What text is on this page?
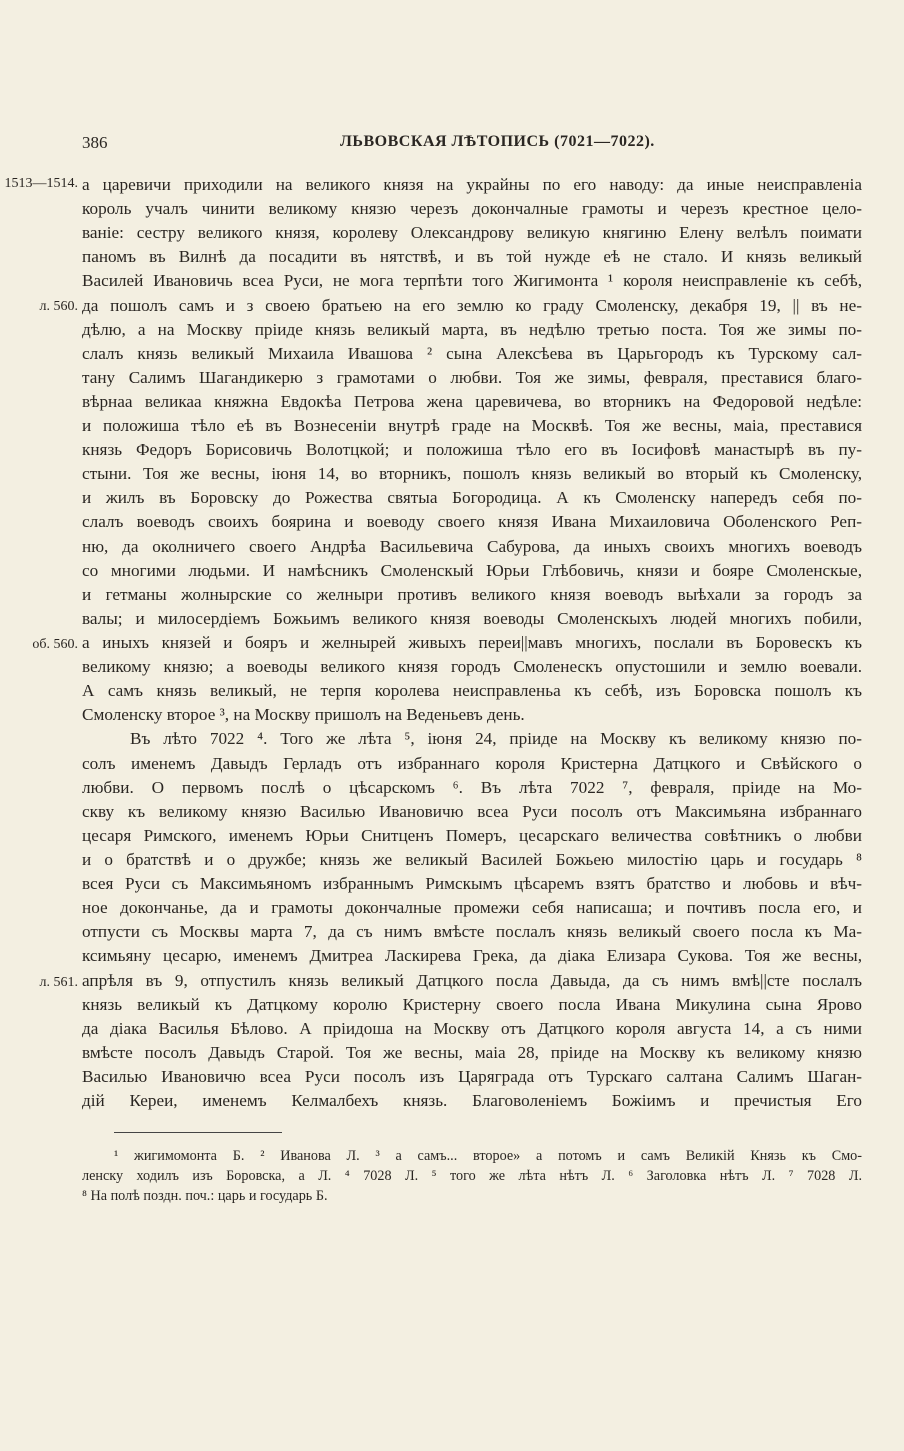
386	ЛЬВОВСКАЯ ЛѢТОПИСЬ (7021—7022).
1513—1514.
л. 560.
об. 560.
л. 561.
а царевичи приходили на великого князя на украйны по его наводу: да иные неисправленiа
король учалъ чинити великому князю черезъ докончалные грамоты и черезъ крестное цело-
ванiе: сестру великого князя, королеву Олександрову великую княгиню Елену велѣлъ поимати
паномъ въ Вилнѣ да посадити въ нятствѣ, и въ той нужде еѣ не стало. И князь великый
Василей Ивановичь всеа Руси, не мога терпѣти того Жигимонта ¹ короля неисправленiе къ себѣ,
да пошолъ самъ и з своею братьею на его землю ко граду Смоленску, декабря 19, || въ не-
дѣлю, а на Москву прiиде князь великый марта, въ недѣлю третью поста. Тоя же зимы по-
слалъ князь великый Михаила Ивашова ² сына Алексѣева въ Царьгородъ къ Турскому сал-
тану Салимъ Шагандикерю з грамотами о любви. Тоя же зимы, февраля, преставися благо-
вѣрнаа великаа княжна Евдокѣа Петрова жена царевичева, во вторникъ на Федоровой недѣле:
и положиша тѣло еѣ въ Вознесенiи внутрѣ граде на Москвѣ. Тоя же весны, маiа, преставися
князь Федоръ Борисовичь Волотцкой; и положиша тѣло его въ Iосифовѣ манастырѣ въ пу-
стыни. Тоя же весны, iюня 14, во вторникъ, пошолъ князь великый во вторый къ Смоленску,
и жилъ въ Боровску до Рожества святыа Богородица. А къ Смоленску напередъ себя по-
слалъ воеводъ своихъ боярина и воеводу своего князя Ивана Михаиловича Оболенского Реп-
ню, да околничего своего Андрѣа Васильевича Сабурова, да иныхъ своихъ многихъ воеводъ
со многими людьми. И намѣсникъ Смоленскый Юрьи Глѣбовичь, князи и бояре Смоленскые,
и гетманы жолнырские со желныри противъ великого князя воеводъ выѣхали за городъ за
валы; и милосердiемъ Божьимъ великого князя воеводы Смоленскыхъ людей многихъ побили,
а иныхъ князей и бояръ и желнырей живыхъ переи||мавъ многихъ, послали въ Боровескъ къ
великому князю; а воеводы великого князя городъ Смоленескъ опустошили и землю воевали.
А самъ князь великый, не терпя королева неисправленьа къ себѣ, изъ Боровска пошолъ къ
Смоленску второе ³, на Москву пришолъ на Веденьевъ день.
Въ лѣто 7022 ⁴. Того же лѣта ⁵, iюня 24, прiиде на Москву къ великому князю по-
солъ именемъ Давыдъ Герладъ отъ избраннаго короля Кристерна Датцкого и Свѣйского о
любви. О первомъ послѣ о цѣсарскомъ ⁶. Въ лѣта 7022 ⁷, февраля, прiиде на Мо-
скву къ великому князю Василью Ивановичю всеа Руси посолъ отъ Максимьяна избраннаго
цесаря Римского, именемъ Юрьи Снитценъ Померъ, цесарскаго величества совѣтникъ о любви
и о братствѣ и о дружбе; князь же великый Василей Божьею милостiю царь и государь ⁸
всея Руси съ Максимьяномъ избраннымъ Римскымъ цѣсаремъ взятъ братство и любовь и вѣч-
ное докончанье, да и грамоты докончалные промежи себя написаша; и почтивъ посла его, и
отпусти съ Москвы марта 7, да съ нимъ вмѣсте послалъ князь великый своего посла къ Ма-
ксимьяну цесарю, именемъ Дмитреа Ласкирева Грека, да дiака Елизара Сукова. Тоя же весны,
апрѣля въ 9, отпустилъ князь великый Датцкого посла Давыда, да съ нимъ вмѣ||сте послалъ
князь великый къ Датцкому королю Кристерну своего посла Ивана Микулина сына Ярово
да дiака Василья Бѣлово. А прiидоша на Москву отъ Датцкого короля августа 14, а съ ними
вмѣсте посолъ Давыдъ Старой. Тоя же весны, маiа 28, прiиде на Москву къ великому князю
Василью Ивановичю всеа Руси посолъ изъ Царяграда отъ Турскаго салтана Салимъ Шаган-
дiй Кереи, именемъ Келмалбехъ князь. Благоволенiемъ Божiимъ и пречистыя Его
¹ жигимомонта Б. ² Иванова Л. ³ а самъ... второе» а потомъ и самъ Великiй Князь къ Смо-
ленску ходилъ изъ Боровска, а Л. ⁴ 7028 Л. ⁵ того же лѣта нѣтъ Л. ⁶ Заголовка нѣтъ Л. ⁷ 7028 Л.
⁸ На полѣ поздн. поч.: царь и государь Б.
